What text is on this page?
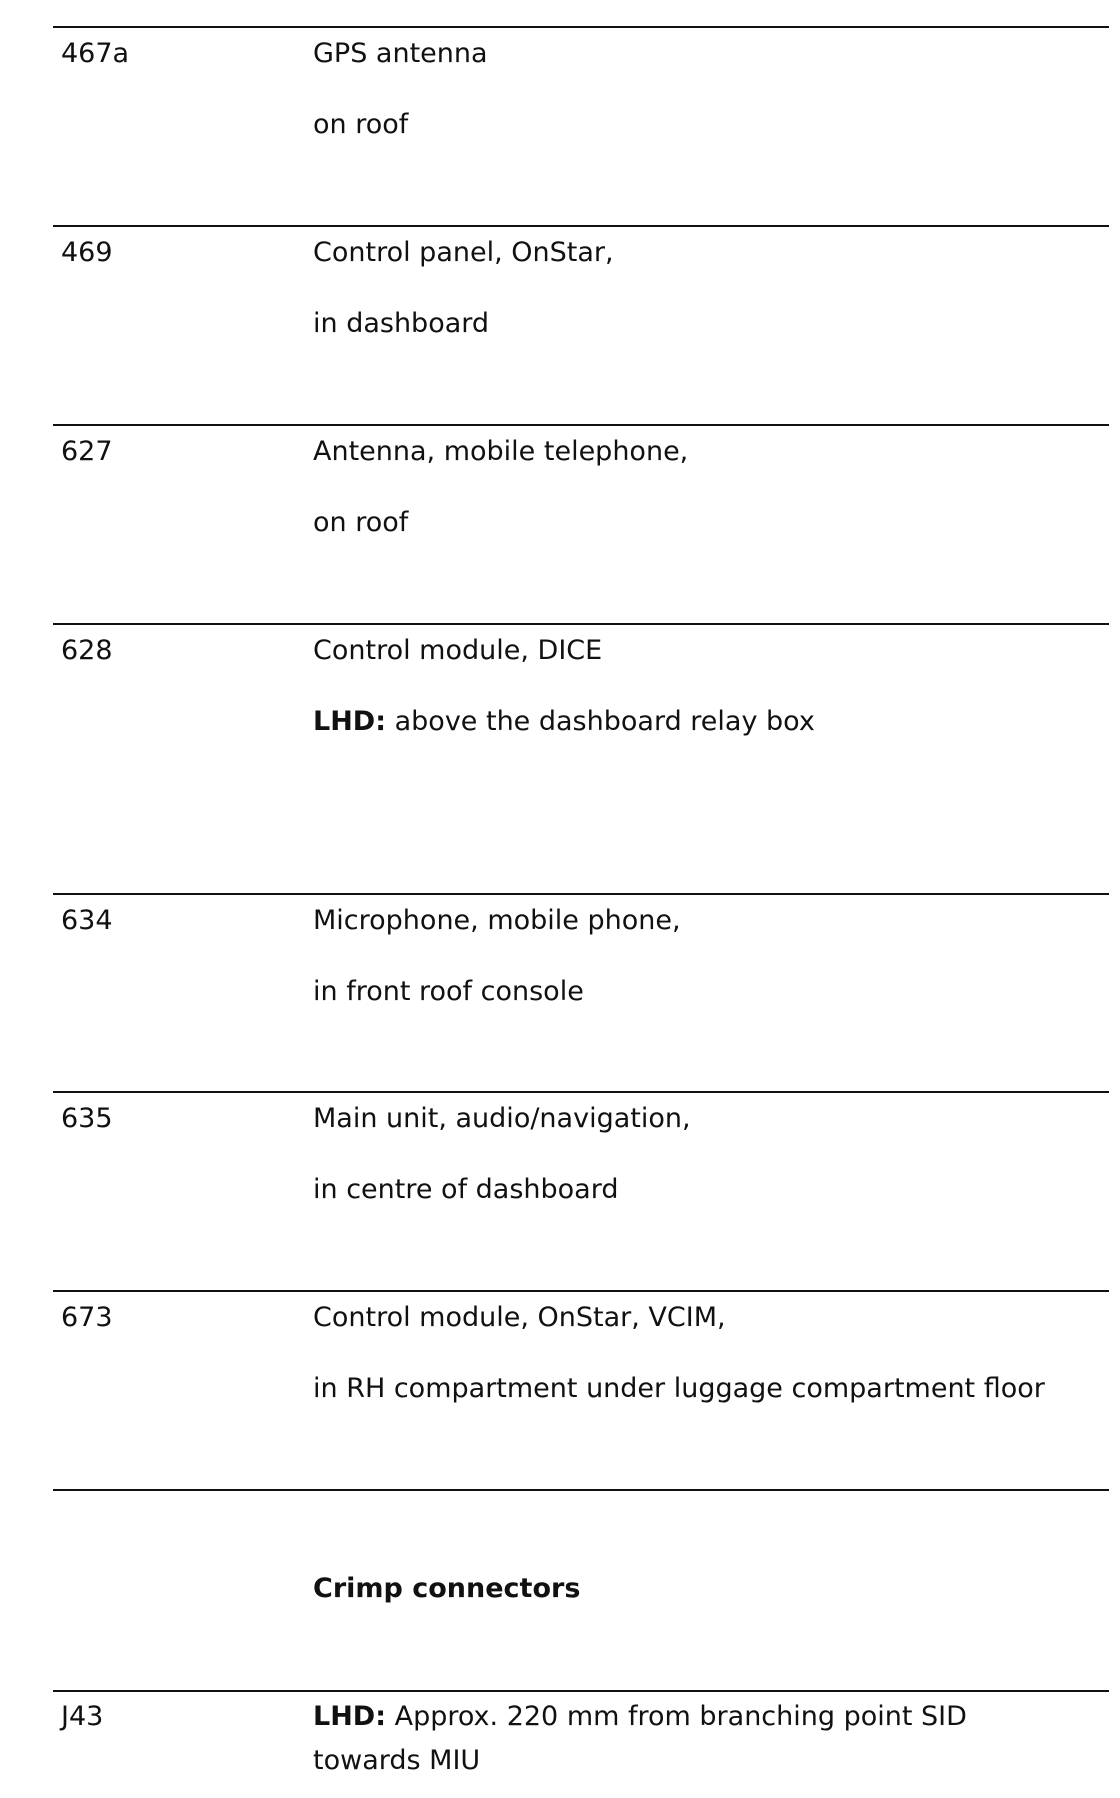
467a	GPS antenna
on roof
469	Control panel, OnStar,
in dashboard
627	Antenna, mobile telephone,
on roof
628	Control module, DICE
LHD: above the dashboard relay box
634	Microphone, mobile phone,
in front roof console
635	Main unit, audio/navigation,
in centre of dashboard
673	Control module, OnStar, VCIM,
in RH compartment under luggage compartment floor
Crimp connectors
J43	LHD: Approx. 220 mm from branching point SID
towards MIU
